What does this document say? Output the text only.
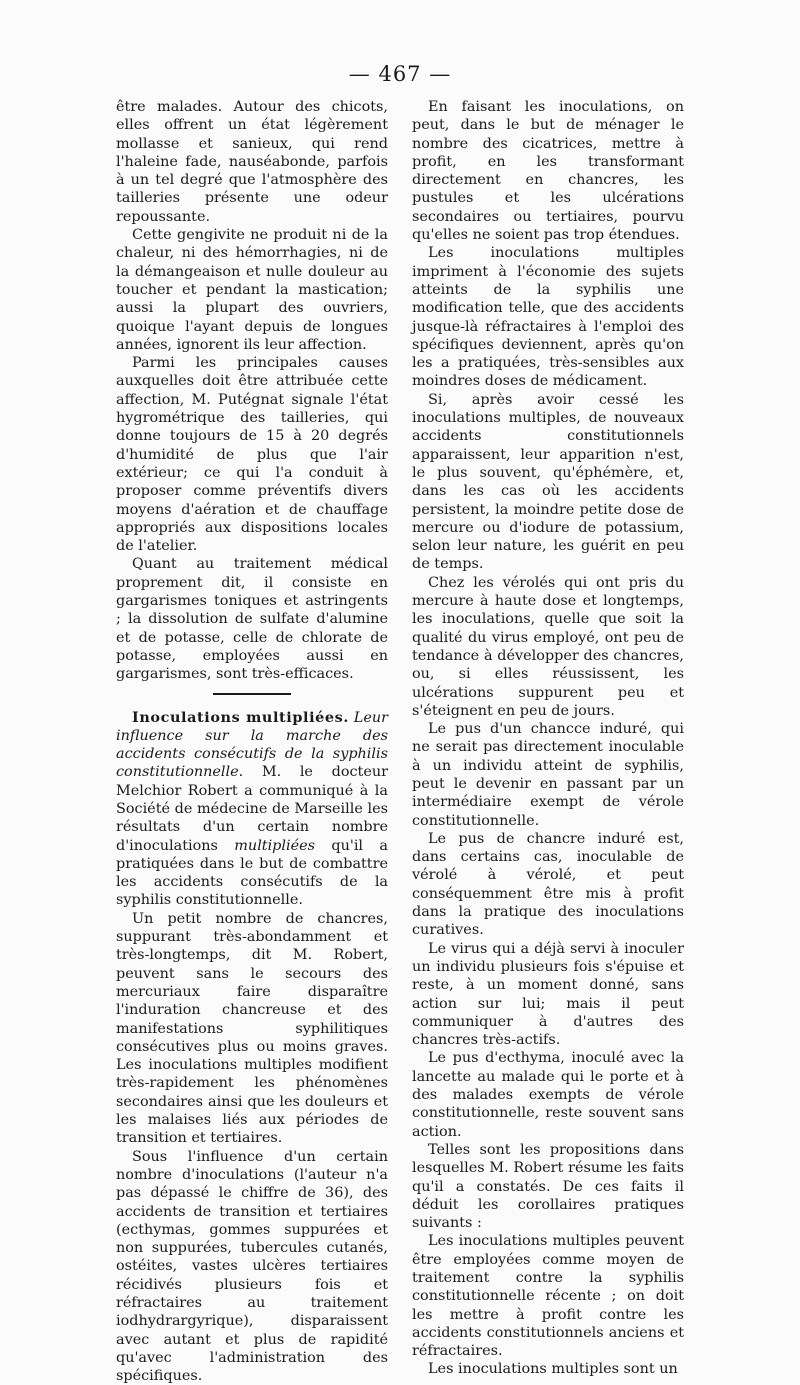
— 467 —

être malades. Autour des chicots, elles offrent un état légèrement mollasse et sanieux, qui rend l'haleine fade, nauséabonde, parfois à un tel degré que l'atmosphère des tailleries présente une odeur repoussante.

Cette gengivite ne produit ni de la chaleur, ni des hémorrhagies, ni de la démangeaison et nulle douleur au toucher et pendant la mastication; aussi la plupart des ouvriers, quoique l'ayant depuis de longues années, ignorent ils leur affection.

Parmi les principales causes auxquelles doit être attribuée cette affection, M. Putégnat signale l'état hygrométrique des tailleries, qui donne toujours de 15 à 20 degrés d'humidité de plus que l'air extérieur; ce qui l'a conduit à proposer comme préventifs divers moyens d'aération et de chauffage appropriés aux dispositions locales de l'atelier.

Quant au traitement médical proprement dit, il consiste en gargarismes toniques et astringents ; la dissolution de sulfate d'alumine et de potasse, celle de chlorate de potasse, employées aussi en gargarismes, sont très-efficaces.

Inoculations multipliées. Leur influence sur la marche des accidents consécutifs de la syphilis constitutionnelle. M. le docteur Melchior Robert a communiqué à la Société de médecine de Marseille les résultats d'un certain nombre d'inoculations multipliées qu'il a pratiquées dans le but de combattre les accidents consécutifs de la syphilis constitutionnelle.

Un petit nombre de chancres, suppurant très-abondamment et très-longtemps, dit M. Robert, peuvent sans le secours des mercuriaux faire disparaître l'induration chancreuse et des manifestations syphilitiques consécutives plus ou moins graves. Les inoculations multiples modifient très-rapidement les phénomènes secondaires ainsi que les douleurs et les malaises liés aux périodes de transition et tertiaires.

Sous l'influence d'un certain nombre d'inoculations (l'auteur n'a pas dépassé le chiffre de 36), des accidents de transition et tertiaires (ecthymas, gommes suppurées et non suppurées, tubercules cutanés, ostéites, vastes ulcères tertiaires récidivés plusieurs fois et réfractaires au traitement iodhydrargyrique), disparaissent avec autant et plus de rapidité qu'avec l'administration des spécifiques.

En faisant les inoculations, on peut, dans le but de ménager le nombre des cicatrices, mettre à profit, en les transformant directement en chancres, les pustules et les ulcérations secondaires ou tertiaires, pourvu qu'elles ne soient pas trop étendues.

Les inoculations multiples impriment à l'économie des sujets atteints de la syphilis une modification telle, que des accidents jusque-là réfractaires à l'emploi des spécifiques deviennent, après qu'on les a pratiquées, très-sensibles aux moindres doses de médicament.

Si, après avoir cessé les inoculations multiples, de nouveaux accidents constitutionnels apparaissent, leur apparition n'est, le plus souvent, qu'éphémère, et, dans les cas où les accidents persistent, la moindre petite dose de mercure ou d'iodure de potassium, selon leur nature, les guérit en peu de temps.

Chez les vérolés qui ont pris du mercure à haute dose et longtemps, les inoculations, quelle que soit la qualité du virus employé, ont peu de tendance à développer des chancres, ou, si elles réussissent, les ulcérations suppurent peu et s'éteignent en peu de jours.

Le pus d'un chancce induré, qui ne serait pas directement inoculable à un individu atteint de syphilis, peut le devenir en passant par un intermédiaire exempt de vérole constitutionnelle.

Le pus de chancre induré est, dans certains cas, inoculable de vérolé à vérolé, et peut conséquemment être mis à profit dans la pratique des inoculations curatives.

Le virus qui a déjà servi à inoculer un individu plusieurs fois s'épuise et reste, à un moment donné, sans action sur lui; mais il peut communiquer à d'autres des chancres très-actifs.

Le pus d'ecthyma, inoculé avec la lancette au malade qui le porte et à des malades exempts de vérole constitutionnelle, reste souvent sans action.

Telles sont les propositions dans lesquelles M. Robert résume les faits qu'il a constatés. De ces faits il déduit les corollaires pratiques suivants :

Les inoculations multiples peuvent être employées comme moyen de traitement contre la syphilis constitutionnelle récente ; on doit les mettre à profit contre les accidents constitutionnels anciens et réfractaires.

Les inoculations multiples sont un
